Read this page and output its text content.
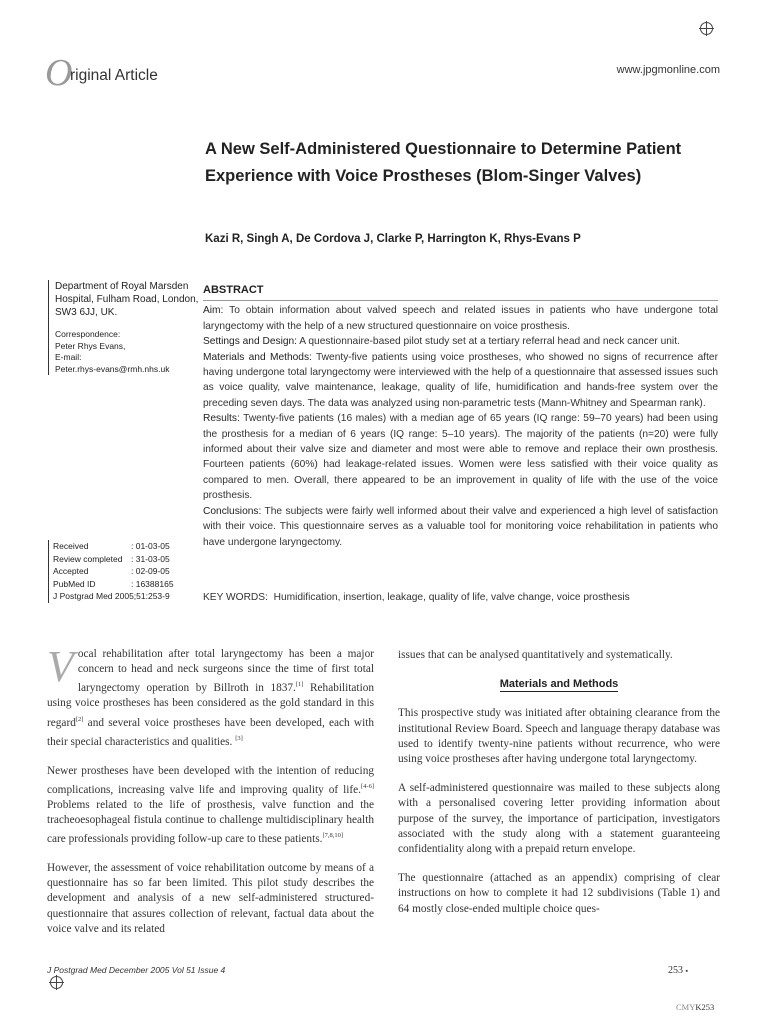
O
riginal Article	www.jpgmonline.com
A New Self-Administered Questionnaire to Determine Patient Experience with Voice Prostheses (Blom-Singer Valves)
Kazi R, Singh A, De Cordova J, Clarke P, Harrington K, Rhys-Evans P
Department of Royal Marsden Hospital, Fulham Road, London, SW3 6JJ, UK.
Correspondence:
Peter Rhys Evans,
E-mail:
Peter.rhys-evans@rmh.nhs.uk
Received	: 01-03-05
Review completed	: 31-03-05
Accepted	: 02-09-05
PubMed ID	: 16388165
J Postgrad Med 2005;51:253-9
ABSTRACT

Aim: To obtain information about valved speech and related issues in patients who have undergone total laryngectomy with the help of a new structured questionnaire on voice prosthesis.

Settings and Design: A questionnaire-based pilot study set at a tertiary referral head and neck cancer unit.

Materials and Methods: Twenty-five patients using voice prostheses, who showed no signs of recurrence after having undergone total laryngectomy were interviewed with the help of a questionnaire that assessed issues such as voice quality, valve maintenance, leakage, quality of life, humidification and hands-free system over the preceding seven days. The data was analyzed using non-parametric tests (Mann-Whitney and Spearman rank).

Results: Twenty-five patients (16 males) with a median age of 65 years (IQ range: 59–70 years) had been using the prosthesis for a median of 6 years (IQ range: 5–10 years). The majority of the patients (n=20) were fully informed about their valve size and diameter and most were able to remove and replace their own prosthesis. Fourteen patients (60%) had leakage-related issues. Women were less satisfied with their voice quality as compared to men. Overall, there appeared to be an improvement in quality of life with the use of the voice prosthesis.

Conclusions: The subjects were fairly well informed about their valve and experienced a high level of satisfaction with their voice. This questionnaire serves as a valuable tool for monitoring voice rehabilitation in patients who have undergone laryngectomy.

KEY WORDS: Humidification, insertion, leakage, quality of life, valve change, voice prosthesis

Vocal rehabilitation after total laryngectomy has been a major concern to head and neck surgeons since the time of first total laryngectomy operation by Billroth in 1837.[1] Rehabilitation using voice prostheses has been considered as the gold standard in this regard[2] and several voice prostheses have been developed, each with their special characteristics and qualities. [3]

Newer prostheses have been developed with the intention of reducing complications, increasing valve life and improving quality of life.[4-6] Problems related to the life of prosthesis, valve function and the tracheoesophageal fistula continue to challenge multidisciplinary health care professionals providing follow-up care to these patients.[7,8,10]

However, the assessment of voice rehabilitation outcome by means of a questionnaire has so far been limited. This pilot study describes the development and analysis of a new self-administered structured-questionnaire that assures collection of relevant, factual data about the voice valve and its related

issues that can be analysed quantitatively and systematically.

Materials and Methods

This prospective study was initiated after obtaining clearance from the institutional Review Board. Speech and language therapy database was used to identify twenty-nine patients without recurrence, who were using voice prostheses after having undergone total laryngectomy.

A self-administered questionnaire was mailed to these subjects along with a personalised covering letter providing information about purpose of the survey, the importance of participation, investigators associated with the study along with a statement guaranteeing confidentiality along with a prepaid return envelope.

The questionnaire (attached as an appendix) comprising of clear instructions on how to complete it had 12 subdivisions (Table 1) and 64 mostly close-ended multiple choice ques-

J Postgrad Med December 2005 Vol 51 Issue 4	253 ▪
CMYK253
